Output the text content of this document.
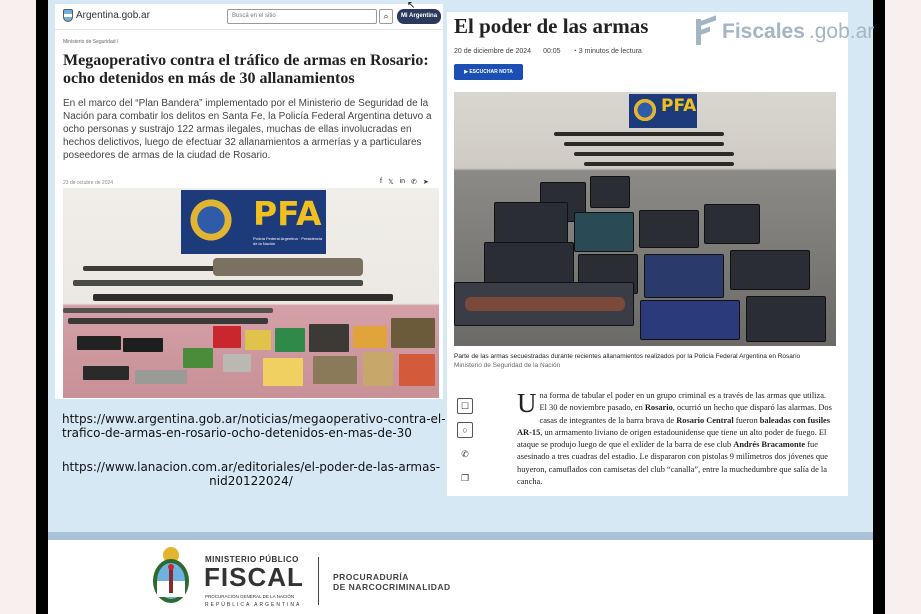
Argentina.gob.ar	Buscá en el sitio	⌕	Mi Argentina
Ministerio de Seguridad /
Megaoperativo contra el tráfico de armas en Rosario: ocho detenidos en más de 30 allanamientos
En el marco del “Plan Bandera” implementado por el Ministerio de Seguridad de la Nación para combatir los delitos en Santa Fe, la Policía Federal Argentina detuvo a ocho personas y sustrajo 122 armas ilegales, muchas de ellas involucradas en hechos delictivos, luego de efectuar 32 allanamientos a armerías y a particulares poseedores de armas de la ciudad de Rosario.
23 de octubre de 2024	f 𝕏 in ✆ ➤
PFA
Policía Federal Argentina · Presidencia de la Nación
https://www.argentina.gob.ar/noticias/megaoperativo-contra-el-trafico-de-armas-en-rosario-ocho-detenidos-en-mas-de-30
https://www.lanacion.com.ar/editoriales/el-poder-de-las-armas-nid20122024/
El poder de las armas
20 de diciembre de 2024 00:05 ◔ 3 minutos de lectura
▶ ESCUCHAR NOTA
PFA
Parte de las armas secuestradas durante recientes allanamientos realizados por la Policía Federal Argentina en Rosario
Ministerio de Seguridad de la Nación
☐
○
✆
❐
Una forma de tabular el poder en un grupo criminal es a través de las armas que utiliza. El 30 de noviembre pasado, en Rosario, ocurrió un hecho que disparó las alarmas. Dos casas de integrantes de la barra brava de Rosario Central fueron baleadas con fusiles AR-15, un armamento liviano de origen estadounidense que tiene un alto poder de fuego. El ataque se produjo luego de que el exlíder de la barra de ese club Andrés Bracamonte fue asesinado a tres cuadras del estadio. Le dispararon con pistolas 9 milímetros dos jóvenes que huyeron, camuflados con camisetas del club “canalla”, entre la muchedumbre que salía de la cancha.
Fiscales .gob.ar
MINISTERIO PÚBLICO
FISCAL
PROCURACIÓN GENERAL DE LA NACIÓN
REPÚBLICA ARGENTINA
PROCURADURÍA
DE NARCOCRIMINALIDAD
↖
